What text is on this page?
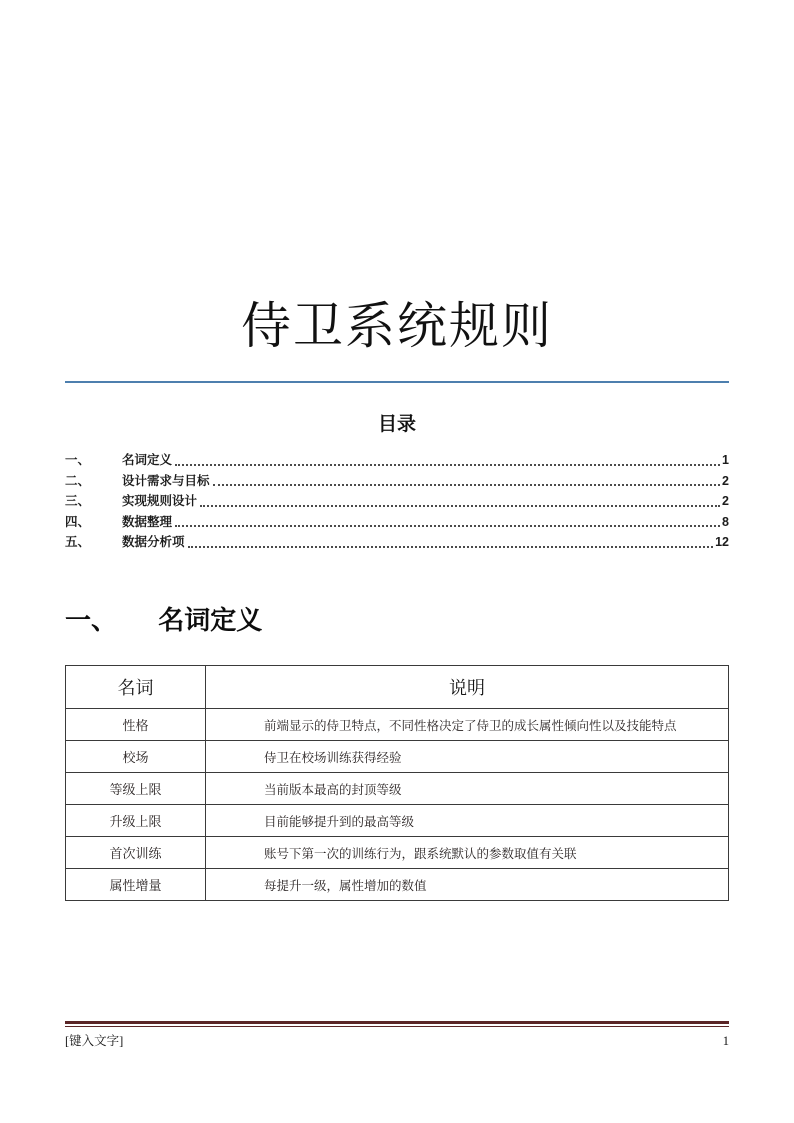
侍卫系统规则
目录
一、	名词定义	1
二、	设计需求与目标	2
三、	实现规则设计	2
四、	数据整理	8
五、	数据分析项	12
一、 名词定义
名词	说明
性格	前端显示的侍卫特点，不同性格决定了侍卫的成长属性倾向性以及技能特点
校场	侍卫在校场训练获得经验
等级上限	当前版本最高的封顶等级
升级上限	目前能够提升到的最高等级
首次训练	账号下第一次的训练行为，跟系统默认的参数取值有关联
属性增量	每提升一级，属性增加的数值
[键入文字]	1
